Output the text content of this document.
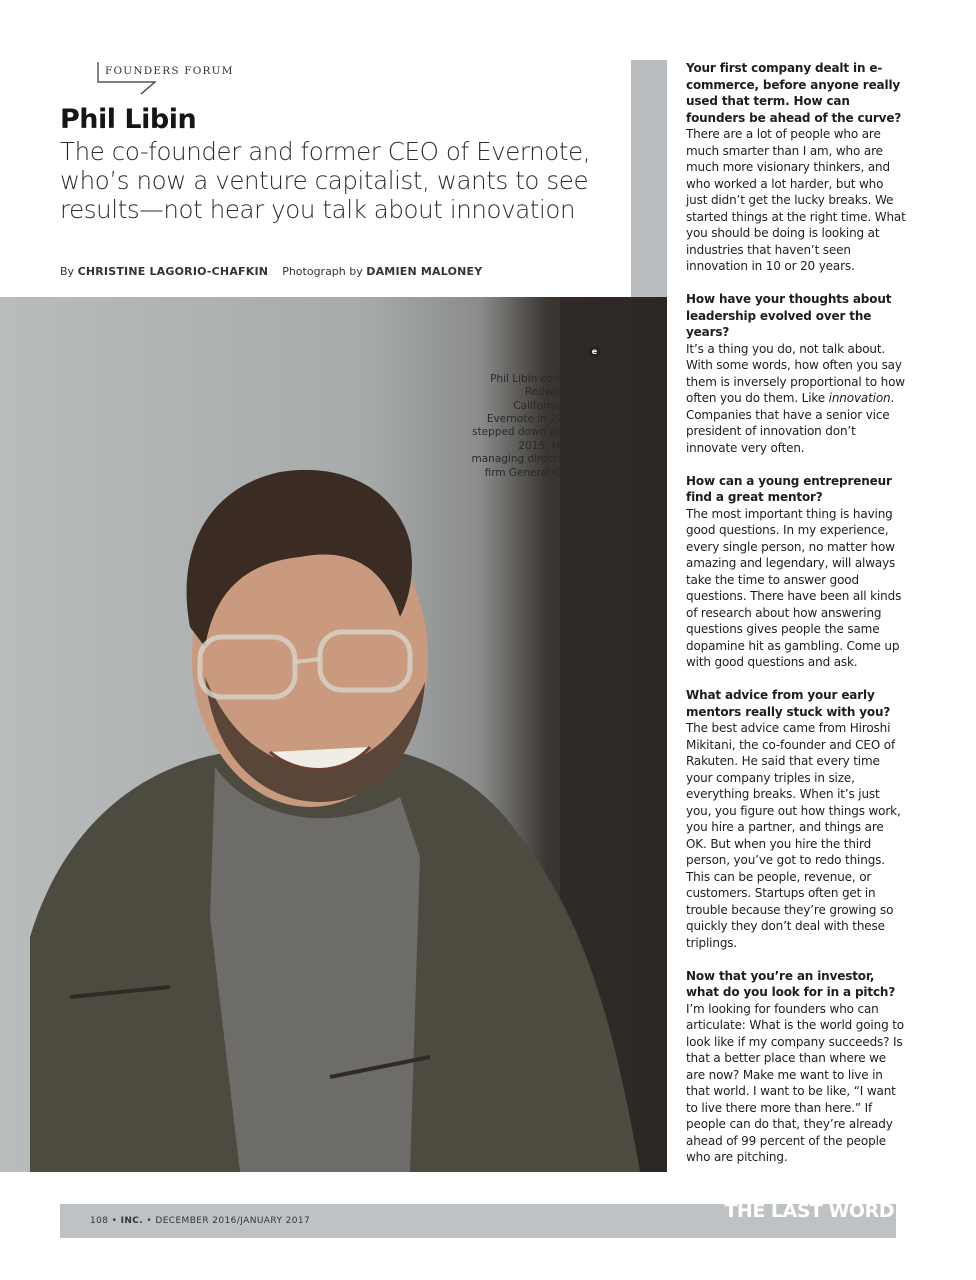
FOUNDERS FORUM
Phil Libin
The co-founder and former CEO of Evernote, who’s now a venture capitalist, wants to see results—not hear you talk about innovation
By CHRISTINE LAGORIO-CHAFKIN Photograph by DAMIEN MALONEY
e
NOTED
Phil Libin co-founded Redwood City, California–based Evernote in 2007 and stepped down as CEO in 2015. He’s now managing director at VC firm General Catalyst.
Your first company dealt in e-commerce, before anyone really used that term. How can founders be ahead of the curve?
There are a lot of people who are much smarter than I am, who are much more visionary thinkers, and who worked a lot harder, but who just didn’t get the lucky breaks. We started things at the right time. What you should be doing is looking at industries that haven’t seen innovation in 10 or 20 years.
How have your thoughts about leadership evolved over the years?
It’s a thing you do, not talk about. With some words, how often you say them is inversely proportional to how often you do them. Like innovation. Companies that have a senior vice president of innovation don’t innovate very often.
How can a young entrepreneur find a great mentor?
The most important thing is having good questions. In my experience, every single person, no matter how amazing and legendary, will always take the time to answer good questions. There have been all kinds of research about how answering questions gives people the same dopamine hit as gambling. Come up with good questions and ask.
What advice from your early mentors really stuck with you?
The best advice came from Hiroshi Mikitani, the co-founder and CEO of Rakuten. He said that every time your company triples in size, everything breaks. When it’s just you, you figure out how things work, you hire a partner, and things are OK. But when you hire the third person, you’ve got to redo things. This can be people, revenue, or customers. Startups often get in trouble because they’re growing so quickly they don’t deal with these triplings.
Now that you’re an investor, what do you look for in a pitch?
I’m looking for founders who can articulate: What is the world going to look like if my company succeeds? Is that a better place than where we are now? Make me want to live in that world. I want to be like, “I want to live there more than here.” If people can do that, they’re already ahead of 99 percent of the people who are pitching.
108 • INC. • DECEMBER 2016/JANUARY 2017	THE LAST WORD
